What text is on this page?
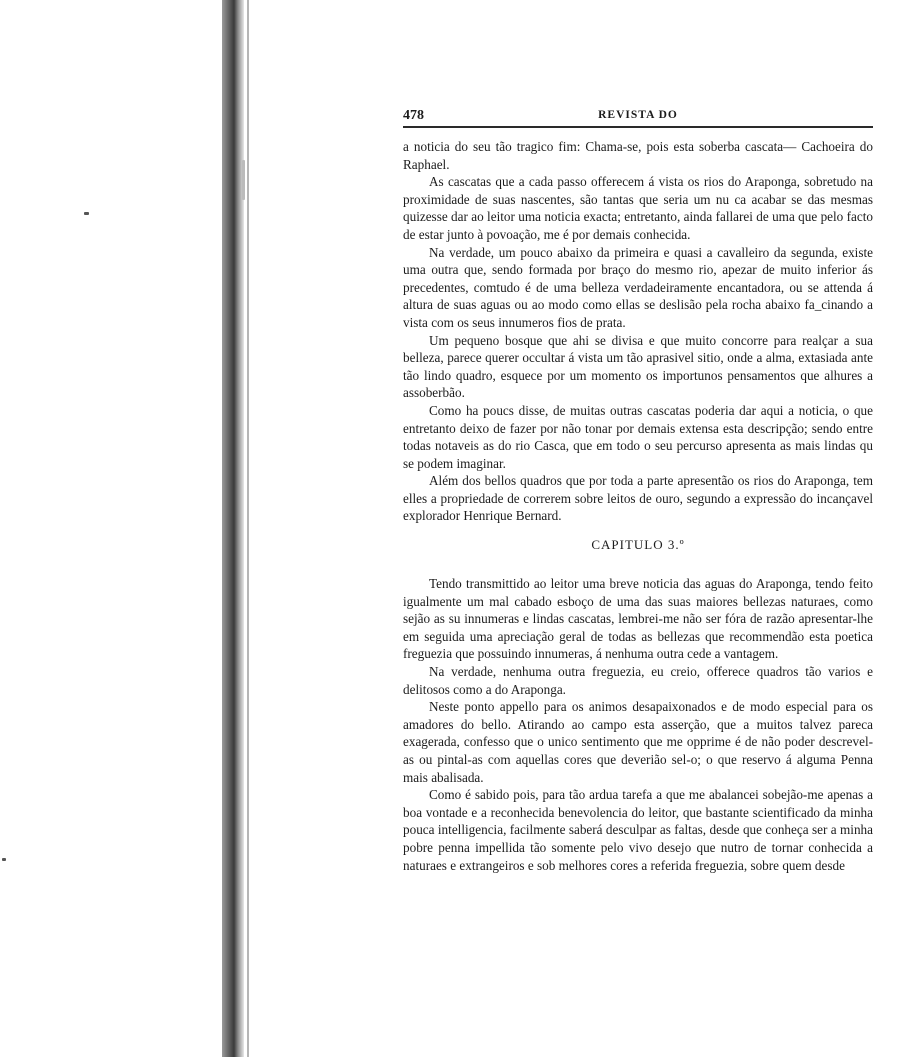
478	REVISTA DO

a noticia do seu tão tragico fim: Chama-se, pois esta soberba cascata— Cachoeira do Raphael.

As cascatas que a cada passo offerecem á vista os rios do Araponga, sobretudo na proximidade de suas nascentes, são tantas que seria um nu ca acabar se das mesmas quizesse dar ao leitor uma noticia exacta; entretanto, ainda fallarei de uma que pelo facto de estar junto à povoação, me é por demais conhecida.

Na verdade, um pouco abaixo da primeira e quasi a cavalleiro da segunda, existe uma outra que, sendo formada por braço do mesmo rio, apezar de muito inferior ás precedentes, comtudo é de uma belleza verdadeiramente encantadora, ou se attenda á altura de suas aguas ou ao modo como ellas se deslisão pela rocha abaixo fa_cinando a vista com os seus innumeros fios de prata.

Um pequeno bosque que ahi se divisa e que muito concorre para realçar a sua belleza, parece querer occultar á vista um tão aprasivel sitio, onde a alma, extasiada ante tão lindo quadro, esquece por um momento os importunos pensamentos que alhures a assoberbão.

Como ha poucs disse, de muitas outras cascatas poderia dar aqui a noticia, o que entretanto deixo de fazer por não tonar por demais extensa esta descripção; sendo entre todas notaveis as do rio Casca, que em todo o seu percurso apresenta as mais lindas qu se podem imaginar.

Além dos bellos quadros que por toda a parte apresentão os rios do Araponga, tem elles a propriedade de correrem sobre leitos de ouro, segundo a expressão do incançavel explorador Henrique Bernard.

CAPITULO 3.º

Tendo transmittido ao leitor uma breve noticia das aguas do Araponga, tendo feito igualmente um mal cabado esboço de uma das suas maiores bellezas naturaes, como sejão as su innumeras e lindas cascatas, lembrei-me não ser fóra de razão apresentar-lhe em seguida uma apreciação geral de todas as bellezas que recommendão esta poetica freguezia que possuindo innumeras, á nenhuma outra cede a vantagem.

Na verdade, nenhuma outra freguezia, eu creio, offerece quadros tão varios e delitosos como a do Araponga.

Neste ponto appello para os animos desapaixonados e de modo especial para os amadores do bello. Atirando ao campo esta asserção, que a muitos talvez parecа exagerada, confesso que o unico sentimento que me opprime é de não poder descrevel-as ou pintal-as com aquellas cores que deverião sel-o; o que reservo á alguma Penna mais abalisada.

Como é sabido pois, para tão ardua tarefa a que me abalancei sobejão-me apenas a boa vontade e a reconhecida benevolencia do leitor, que bastante scientificado da minha pouca intelligencia, facilmente saberá desculpar as faltas, desde que conheça ser a minha pobre penna impellida tão somente pelo vivo desejo que nutro de tornar conhecida a naturaes e extrangeiros e sob melhores cores a referida freguezia, sobre quem desde
